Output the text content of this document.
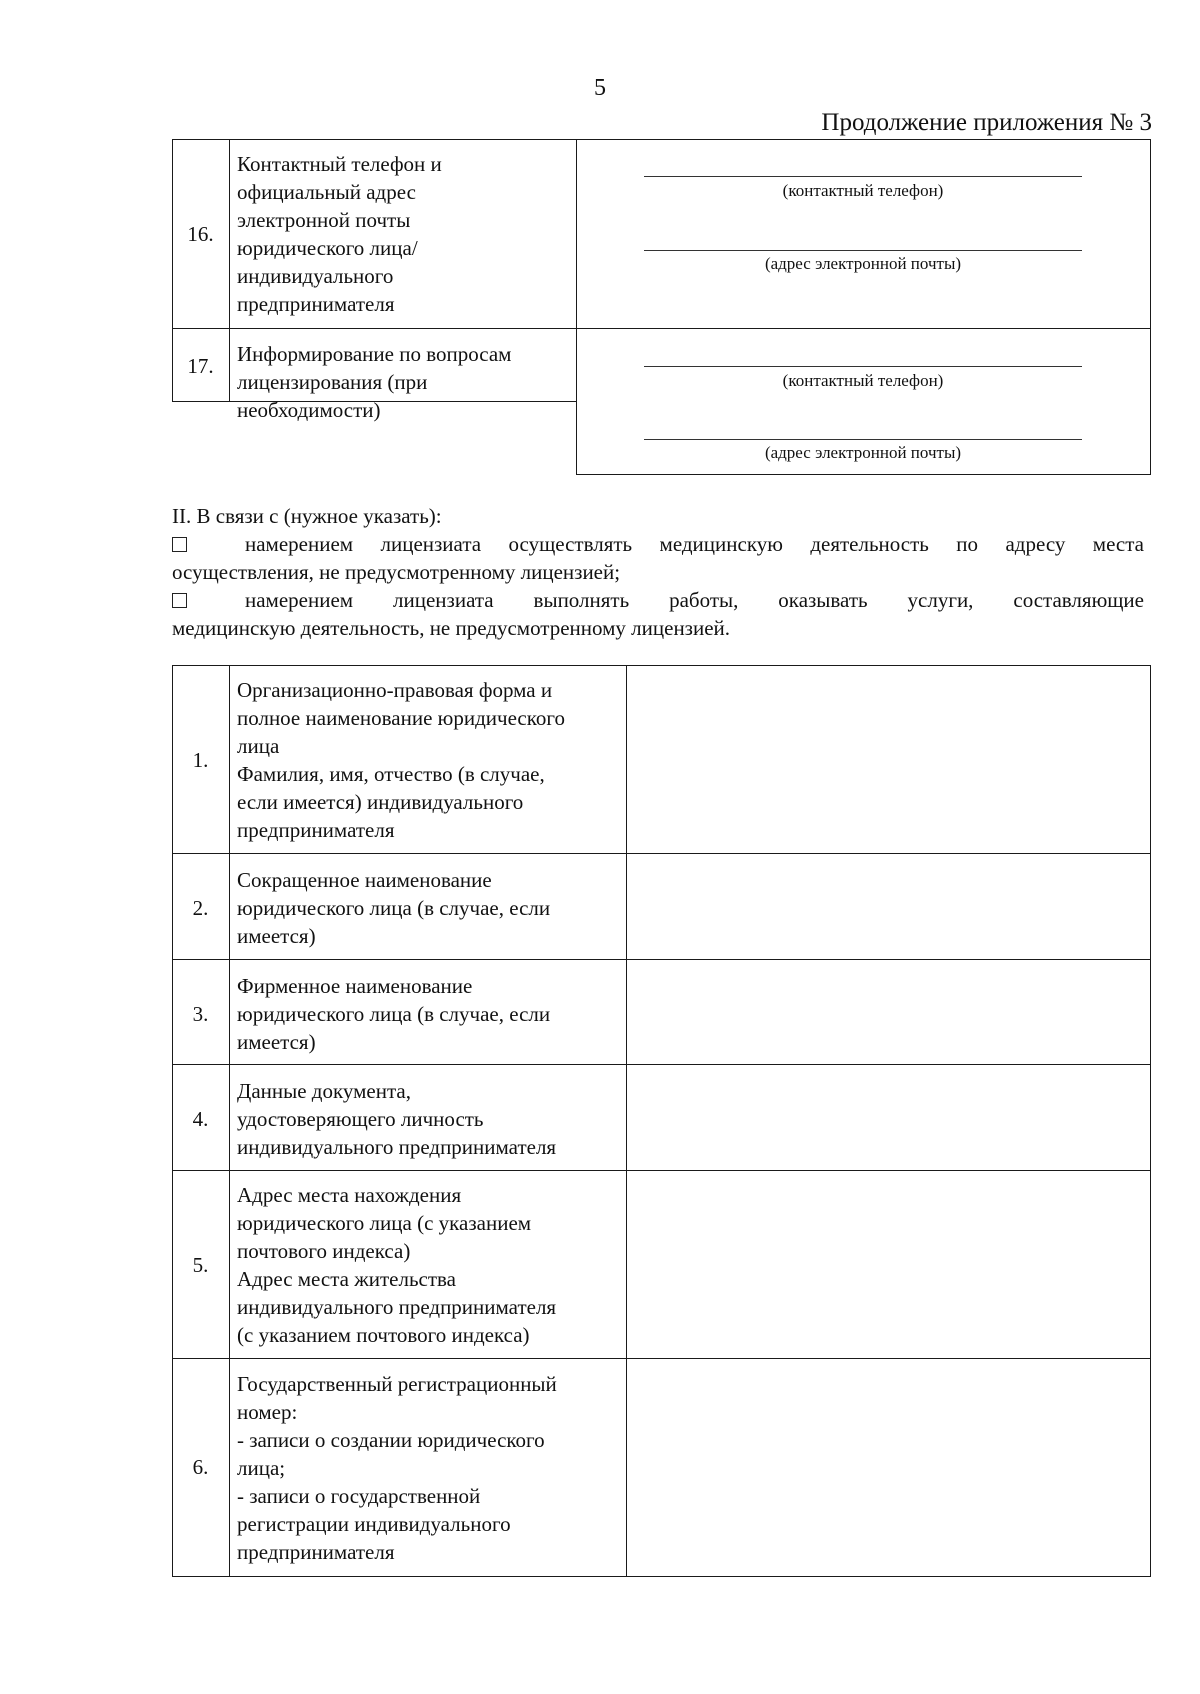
5
Продолжение приложения № 3
16.
Контактный телефон и
официальный адрес
электронной почты
юридического лица/
индивидуального
предпринимателя
(контактный телефон)
(адрес электронной почты)
17.	Информирование по вопросам
лицензирования (при
необходимости)
(контактный телефон)
(адрес электронной почты)
II. В связи с (нужное указать):
намерением лицензиата осуществлять медицинскую деятельность по адресу места
осуществления, не предусмотренному лицензией;
намерением лицензиата выполнять работы, оказывать услуги, составляющие
медицинскую деятельность, не предусмотренному лицензией.
1.
Организационно-правовая форма и
полное наименование юридического
лица
Фамилия, имя, отчество (в случае,
если имеется) индивидуального
предпринимателя
2.
Сокращенное наименование
юридического лица (в случае, если
имеется)
3.
Фирменное наименование
юридического лица (в случае, если
имеется)
4.
Данные документа,
удостоверяющего личность
индивидуального предпринимателя
5.
Адрес места нахождения
юридического лица (с указанием
почтового индекса)
Адрес места жительства
индивидуального предпринимателя
(с указанием почтового индекса)
6.
Государственный регистрационный
номер:
- записи о создании юридического
лица;
- записи о государственной
регистрации индивидуального
предпринимателя
